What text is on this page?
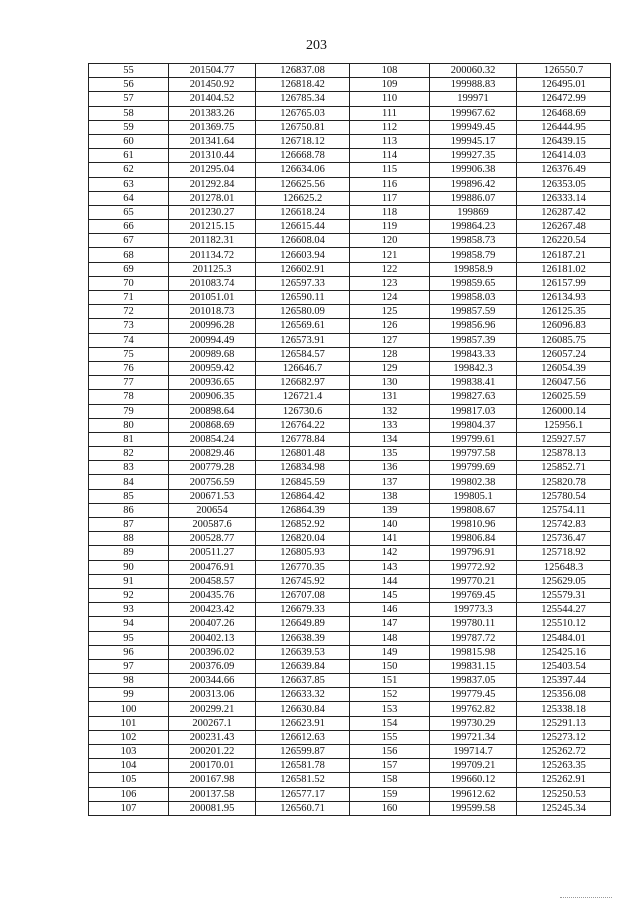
203
55	201504.77	126837.08	108	200060.32	126550.7
56	201450.92	126818.42	109	199988.83	126495.01
57	201404.52	126785.34	110	199971	126472.99
58	201383.26	126765.03	111	199967.62	126468.69
59	201369.75	126750.81	112	199949.45	126444.95
60	201341.64	126718.12	113	199945.17	126439.15
61	201310.44	126668.78	114	199927.35	126414.03
62	201295.04	126634.06	115	199906.38	126376.49
63	201292.84	126625.56	116	199896.42	126353.05
64	201278.01	126625.2	117	199886.07	126333.14
65	201230.27	126618.24	118	199869	126287.42
66	201215.15	126615.44	119	199864.23	126267.48
67	201182.31	126608.04	120	199858.73	126220.54
68	201134.72	126603.94	121	199858.79	126187.21
69	201125.3	126602.91	122	199858.9	126181.02
70	201083.74	126597.33	123	199859.65	126157.99
71	201051.01	126590.11	124	199858.03	126134.93
72	201018.73	126580.09	125	199857.59	126125.35
73	200996.28	126569.61	126	199856.96	126096.83
74	200994.49	126573.91	127	199857.39	126085.75
75	200989.68	126584.57	128	199843.33	126057.24
76	200959.42	126646.7	129	199842.3	126054.39
77	200936.65	126682.97	130	199838.41	126047.56
78	200906.35	126721.4	131	199827.63	126025.59
79	200898.64	126730.6	132	199817.03	126000.14
80	200868.69	126764.22	133	199804.37	125956.1
81	200854.24	126778.84	134	199799.61	125927.57
82	200829.46	126801.48	135	199797.58	125878.13
83	200779.28	126834.98	136	199799.69	125852.71
84	200756.59	126845.59	137	199802.38	125820.78
85	200671.53	126864.42	138	199805.1	125780.54
86	200654	126864.39	139	199808.67	125754.11
87	200587.6	126852.92	140	199810.96	125742.83
88	200528.77	126820.04	141	199806.84	125736.47
89	200511.27	126805.93	142	199796.91	125718.92
90	200476.91	126770.35	143	199772.92	125648.3
91	200458.57	126745.92	144	199770.21	125629.05
92	200435.76	126707.08	145	199769.45	125579.31
93	200423.42	126679.33	146	199773.3	125544.27
94	200407.26	126649.89	147	199780.11	125510.12
95	200402.13	126638.39	148	199787.72	125484.01
96	200396.02	126639.53	149	199815.98	125425.16
97	200376.09	126639.84	150	199831.15	125403.54
98	200344.66	126637.85	151	199837.05	125397.44
99	200313.06	126633.32	152	199779.45	125356.08
100	200299.21	126630.84	153	199762.82	125338.18
101	200267.1	126623.91	154	199730.29	125291.13
102	200231.43	126612.63	155	199721.34	125273.12
103	200201.22	126599.87	156	199714.7	125262.72
104	200170.01	126581.78	157	199709.21	125263.35
105	200167.98	126581.52	158	199660.12	125262.91
106	200137.58	126577.17	159	199612.62	125250.53
107	200081.95	126560.71	160	199599.58	125245.34
